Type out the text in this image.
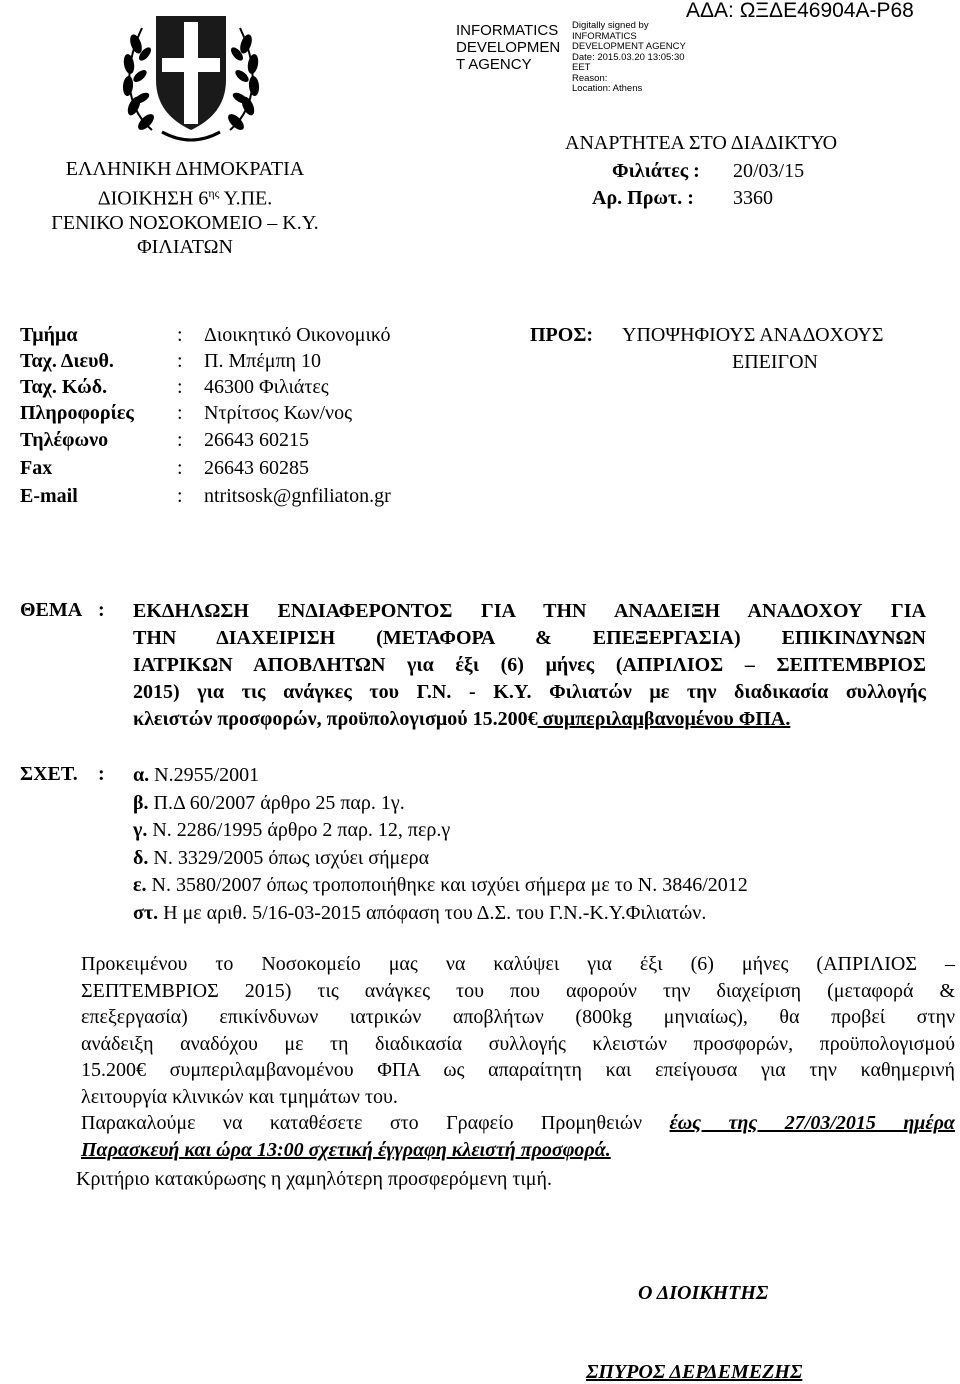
ΑΔΑ: ΩΞΔΕ46904Α-Ρ68
INFORMATICS
DEVELOPMEN
T AGENCY
Digitally signed by
INFORMATICS
DEVELOPMENT AGENCY
Date: 2015.03.20 13:05:30
EET
Reason:
Location: Athens
ΕΛΛΗΝΙΚΗ ΔΗΜΟΚΡΑΤΙΑ
ΔΙΟΙΚΗΣΗ $6^{\eta\varsigma}$ Υ.ΠΕ.
ΓΕΝΙΚΟ ΝΟΣΟΚΟΜΕΙΟ – Κ.Υ.
ΦΙΛΙΑΤΩΝ
ΑΝΑΡΤΗΤΕΑ ΣΤΟ ΔΙΑΔΙΚΤΥΟ
Φιλιάτες : 20/03/15
Αρ. Πρωτ. : 3360
Τμήμα	: Διοικητικό Οικονομικό
Ταχ. Διευθ.	: Π. Μπέμπη 10
Ταχ. Κώδ.	: 46300 Φιλιάτες
Πληροφορίες : Ντρίτσος Κων/νος
Τηλέφωνο	: 26643 60215
Fax	: 26643 60285
E-mail	: ntritsosk@gnfiliaton.gr
ΠΡΟΣ: ΥΠΟΨΗΦΙΟΥΣ ΑΝΑΔΟΧΟΥΣ
ΕΠΕΙΓΟΝ
ΘΕΜΑ : ΕΚΔΗΛΩΣΗ ΕΝΔΙΑΦΕΡΟΝΤΟΣ ΓΙΑ ΤΗΝ ΑΝΑΔΕΙΞΗ ΑΝΑΔΟΧΟΥ ΓΙΑ
ΤΗΝ ΔΙΑΧΕΙΡΙΣΗ (ΜΕΤΑΦΟΡΑ & ΕΠΕΞΕΡΓΑΣΙΑ) ΕΠΙΚΙΝΔΥΝΩΝ
ΙΑΤΡΙΚΩΝ ΑΠΟΒΛΗΤΩΝ για έξι (6) μήνες (ΑΠΡΙΛΙΟΣ – ΣΕΠΤΕΜΒΡΙΟΣ
2015) για τις ανάγκες του Γ.Ν. - Κ.Υ. Φιλιατών με την διαδικασία συλλογής
κλειστών προσφορών, προϋπολογισμού 15.200€ συμπεριλαμβανομένου ΦΠΑ.
ΣΧΕΤ. : α. Ν.2955/2001
β. Π.Δ 60/2007 άρθρο 25 παρ. 1γ.
γ. Ν. 2286/1995 άρθρο 2 παρ. 12, περ.γ
δ. Ν. 3329/2005 όπως ισχύει σήμερα
ε. Ν. 3580/2007 όπως τροποποιήθηκε και ισχύει σήμερα με το Ν. 3846/2012
στ. Η με αριθ. 5/16-03-2015 απόφαση του Δ.Σ. του Γ.Ν.-Κ.Υ.Φιλιατών.
Προκειμένου το Νοσοκομείο μας να καλύψει για έξι (6) μήνες (ΑΠΡΙΛΙΟΣ –
ΣΕΠΤΕΜΒΡΙΟΣ 2015) τις ανάγκες του που αφορούν την διαχείριση (μεταφορά &
επεξεργασία) επικίνδυνων ιατρικών αποβλήτων (800kg μηνιαίως), θα προβεί στην
ανάδειξη αναδόχου με τη διαδικασία συλλογής κλειστών προσφορών, προϋπολογισμού
15.200€ συμπεριλαμβανομένου ΦΠΑ ως απαραίτητη και επείγουσα για την καθημερινή
λειτουργία κλινικών και τμημάτων του.
Παρακαλούμε να καταθέσετε στο Γραφείο Προμηθειών έως της 27/03/2015 ημέρα
Παρασκευή και ώρα 13:00 σχετική έγγραφη κλειστή προσφορά.
Κριτήριο κατακύρωσης η χαμηλότερη προσφερόμενη τιμή.
Ο ΔΙΟΙΚΗΤΗΣ
ΣΠΥΡΟΣ ΔΕΡΔΕΜΕΖΗΣ
